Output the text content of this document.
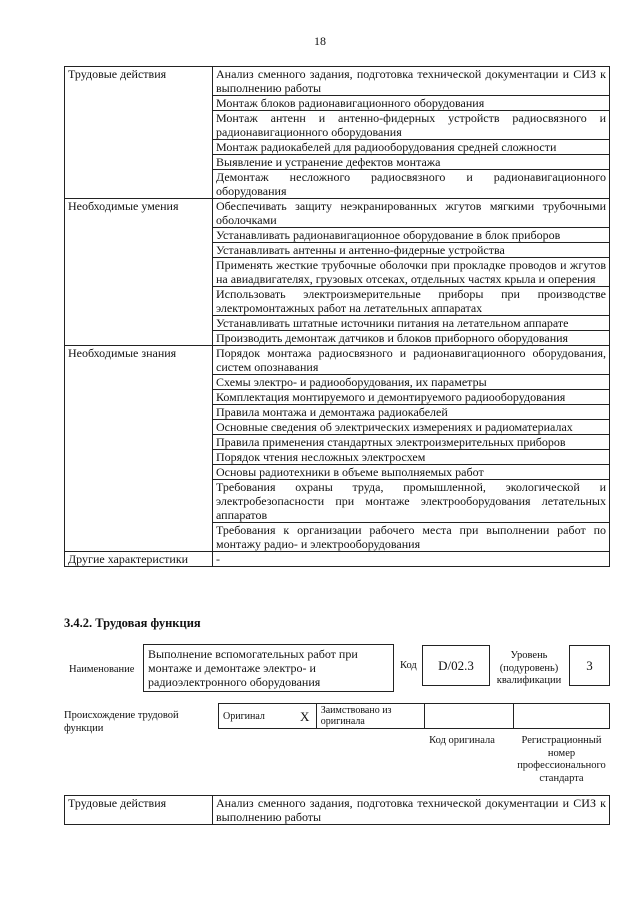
18
Трудовые действия	Анализ сменного задания, подготовка технической документации и СИЗ к выполнению работы
	Монтаж блоков радионавигационного оборудования
	Монтаж антенн и антенно-фидерных устройств радиосвязного и радионавигационного оборудования
	Монтаж радиокабелей для радиооборудования средней сложности
	Выявление и устранение дефектов монтажа
	Демонтаж несложного радиосвязного и радионавигационного оборудования
Необходимые умения	Обеспечивать защиту неэкранированных жгутов мягкими трубочными оболочками
	Устанавливать радионавигационное оборудование в блок приборов
	Устанавливать антенны и антенно-фидерные устройства
	Применять жесткие трубочные оболочки при прокладке проводов и жгутов на авиадвигателях, грузовых отсеках, отдельных частях крыла и оперения
	Использовать электроизмерительные приборы при производстве электромонтажных работ на летательных аппаратах
	Устанавливать штатные источники питания на летательном аппарате
	Производить демонтаж датчиков и блоков приборного оборудования
Необходимые знания	Порядок монтажа радиосвязного и радионавигационного оборудования, систем опознавания
	Схемы электро- и радиооборудования, их параметры
	Комплектация монтируемого и демонтируемого радиооборудования
	Правила монтажа и демонтажа радиокабелей
	Основные сведения об электрических измерениях и радиоматериалах
	Правила применения стандартных электроизмерительных приборов
	Порядок чтения несложных электросхем
	Основы радиотехники в объеме выполняемых работ
	Требования охраны труда, промышленной, экологической и электробезопасности при монтаже электрооборудования летательных аппаратов
	Требования к организации рабочего места при выполнении работ по монтажу радио- и электрооборудования
Другие характеристики	-
3.4.2. Трудовая функция
Наименование
Выполнение вспомогательных работ при монтаже и демонтаже электро- и радиоэлектронного оборудования
Код D/02.3
Уровень (подуровень) квалификации
3
Происхождение трудовой функции
Оригинал	X	Заимствовано из оригинала		
Код оригинала	Регистрационный номер профессионального стандарта
Трудовые действия	Анализ сменного задания, подготовка технической документации и СИЗ к выполнению работы
